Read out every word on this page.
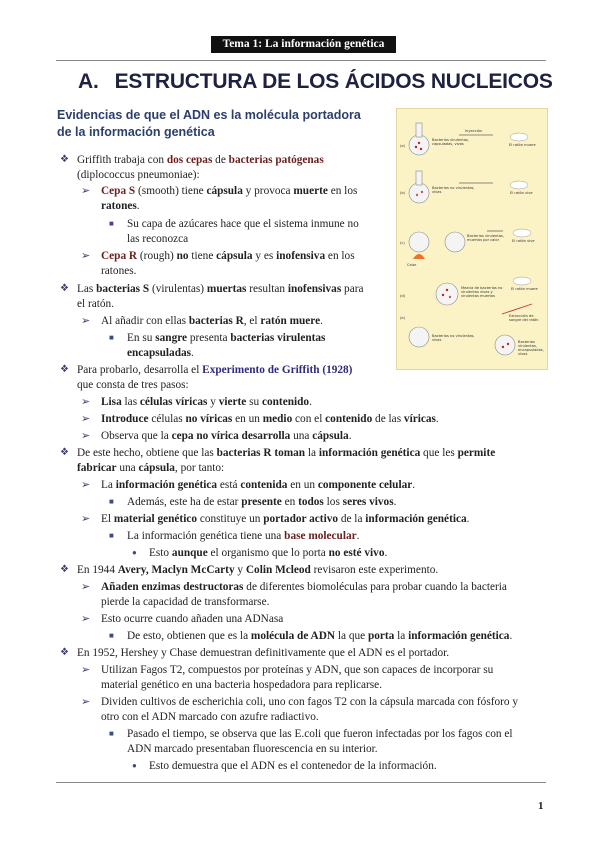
Tema 1: La información genética
A. ESTRUCTURA DE LOS ÁCIDOS NUCLEICOS
Evidencias de que el ADN es la molécula portadora
de la información genética
(a)
Bacterias virulentas,
capsuladas, vivas
Inyección
El ratón muere
(b)
Bacterias no virulentas,
vivas	El ratón vive
(c)
Calor
Bacterias virulentas,
muertas por calor	El ratón vive
(d)
Mezcla de bacterias no
virulentas vivas y
virulentas muertas
El ratón muere
(e)
Bacterias no virulentas,
vivas
Extracción de
sangre del ratón
Bacterias
virulentas,
encapsuladas,
vivas
❖ Griffith trabaja con dos cepas de bacterias patógenas
(diplococcus pneumoniae):
➢ Cepa S (smooth) tiene cápsula y provoca muerte en los
ratones.
■ Su capa de azúcares hace que el sistema inmune no
las reconozca
➢ Cepa R (rough) no tiene cápsula y es inofensiva en los
ratones.
❖ Las bacterias S (virulentas) muertas resultan inofensivas para
el ratón.
➢ Al añadir con ellas bacterias R, el ratón muere.
■ En su sangre presenta bacterias virulentas
encapsuladas.
❖ Para probarlo, desarrolla el Experimento de Griffith (1928)
que consta de tres pasos:
➢ Lisa las células víricas y vierte su contenido.
➢ Introduce células no víricas en un medio con el contenido de las víricas.
➢ Observa que la cepa no vírica desarrolla una cápsula.
❖ De este hecho, obtiene que las bacterias R toman la información genética que les permite
fabricar una cápsula, por tanto:
➢ La información genética está contenida en un componente celular.
■ Además, este ha de estar presente en todos los seres vivos.
➢ El material genético constituye un portador activo de la información genética.
■ La información genética tiene una base molecular.
● Esto aunque el organismo que lo porta no esté vivo.
❖ En 1944 Avery, Maclyn McCarty y Colin Mcleod revisaron este experimento.
➢ Añaden enzimas destructoras de diferentes biomoléculas para probar cuando la bacteria
pierde la capacidad de transformarse.
➢ Esto ocurre cuando añaden una ADNasa
■ De esto, obtienen que es la molécula de ADN la que porta la información genética.
❖ En 1952, Hershey y Chase demuestran definitivamente que el ADN es el portador.
➢ Utilizan Fagos T2, compuestos por proteínas y ADN, que son capaces de incorporar su
material genético en una bacteria hospedadora para replicarse.
➢ Dividen cultivos de escherichia coli, uno con fagos T2 con la cápsula marcada con fósforo y
otro con el ADN marcado con azufre radiactivo.
■ Pasado el tiempo, se observa que las E.coli que fueron infectadas por los fagos con el
ADN marcado presentaban fluorescencia en su interior.
● Esto demuestra que el ADN es el contenedor de la información.
1
